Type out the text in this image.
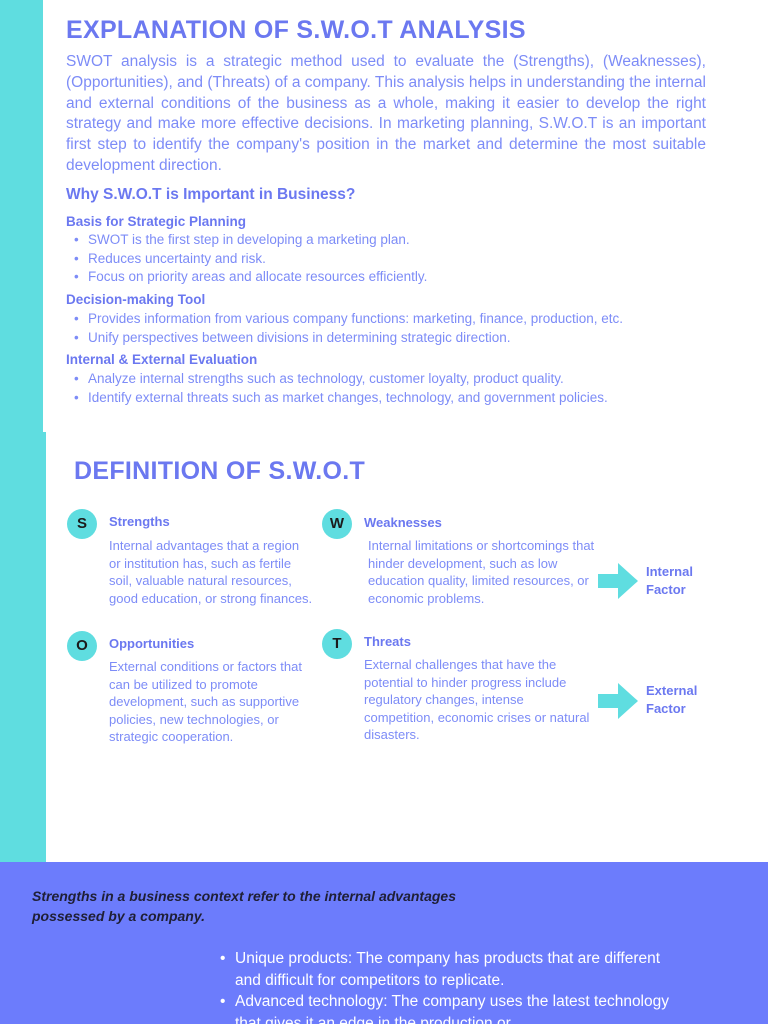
EXPLANATION OF S.W.O.T ANALYSIS

SWOT analysis is a strategic method used to evaluate the (Strengths), (Weaknesses), (Opportunities), and (Threats) of a company. This analysis helps in understanding the internal and external conditions of the business as a whole, making it easier to develop the right strategy and make more effective decisions. In marketing planning, S.W.O.T is an important first step to identify the company's position in the market and determine the most suitable development direction.

Why S.W.O.T is Important in Business?
Basis for Strategic Planning
• SWOT is the first step in developing a marketing plan.
• Reduces uncertainty and risk.
• Focus on priority areas and allocate resources efficiently.
Decision-making Tool
• Provides information from various company functions: marketing, finance, production, etc.
• Unify perspectives between divisions in determining strategic direction.
Internal & External Evaluation
• Analyze internal strengths such as technology, customer loyalty, product quality.
• Identify external threats such as market changes, technology, and government policies.
DEFINITION OF S.W.O.T
S	Strengths

Internal advantages that a region or institution has, such as fertile soil, valuable natural resources, good education, or strong finances.

W	Weaknesses

Internal limitations or shortcomings that hinder development, such as low education quality, limited resources, or economic problems.

O	Opportunities

External conditions or factors that can be utilized to promote development, such as supportive policies, new technologies, or strategic cooperation.

T	Threats

External challenges that have the potential to hinder progress include regulatory changes, intense competition, economic crises or natural disasters.

Internal
Factor
External
Factor

Strengths in a business context refer to the internal advantages possessed by a company.

• Unique products: The company has products that are different and difficult for competitors to replicate.
• Advanced technology: The company uses the latest technology that gives it an edge in the production or
